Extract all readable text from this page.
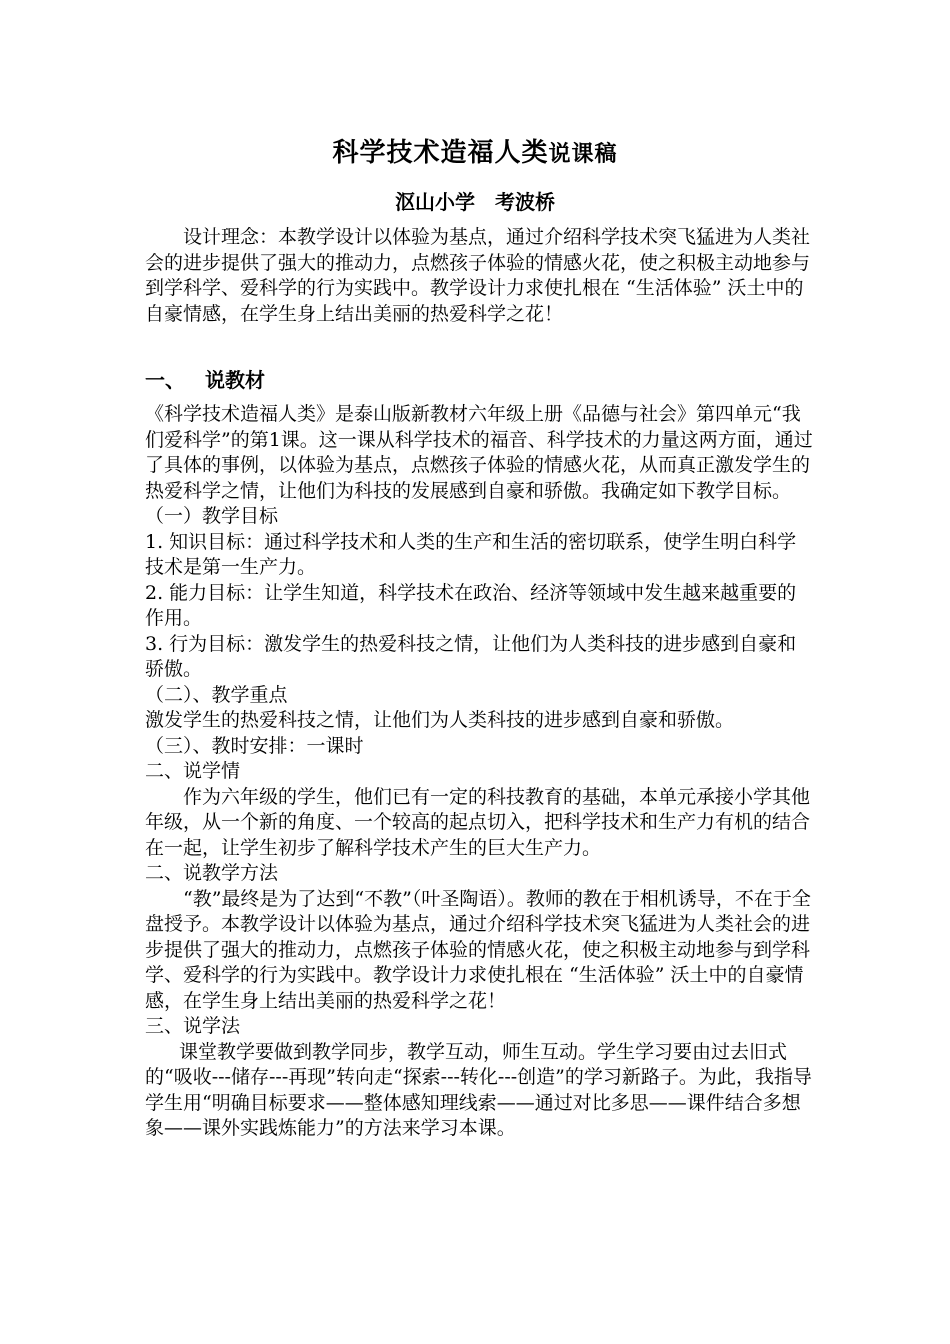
科学技术造福人类说课稿
沤山小学　考波桥
设计理念：本教学设计以体验为基点，通过介绍科学技术突飞猛进为人类社会的进步提供了强大的推动力，点燃孩子体验的情感火花，使之积极主动地参与到学科学、爱科学的行为实践中。教学设计力求使扎根在 “生活体验” 沃土中的自豪情感，在学生身上结出美丽的热爱科学之花！
一、 说教材

《科学技术造福人类》是泰山版新教材六年级上册《品德与社会》第四单元“我们爱科学”的第1课。这一课从科学技术的福音、科学技术的力量这两方面，通过了具体的事例，以体验为基点，点燃孩子体验的情感火花，从而真正激发学生的热爱科学之情，让他们为科技的发展感到自豪和骄傲。我确定如下教学目标。

（一）教学目标

1. 知识目标：通过科学技术和人类的生产和生活的密切联系，使学生明白科学技术是第一生产力。

2. 能力目标：让学生知道，科学技术在政治、经济等领域中发生越来越重要的作用。

3. 行为目标：激发学生的热爱科技之情，让他们为人类科技的进步感到自豪和骄傲。

（二）、教学重点

激发学生的热爱科技之情，让他们为人类科技的进步感到自豪和骄傲。

（三）、教时安排：一课时

二、说学情

作为六年级的学生，他们已有一定的科技教育的基础，本单元承接小学其他年级，从一个新的角度、一个较高的起点切入，把科学技术和生产力有机的结合在一起，让学生初步了解科学技术产生的巨大生产力。

二、说教学方法

“教”最终是为了达到“不教”（叶圣陶语）。教师的教在于相机诱导，不在于全盘授予。本教学设计以体验为基点，通过介绍科学技术突飞猛进为人类社会的进步提供了强大的推动力，点燃孩子体验的情感火花，使之积极主动地参与到学科学、爱科学的行为实践中。教学设计力求使扎根在 “生活体验” 沃土中的自豪情感，在学生身上结出美丽的热爱科学之花！

三、说学法

课堂教学要做到教学同步，教学互动，师生互动。学生学习要由过去旧式的“吸收---储存---再现”转向走“探索---转化---创造”的学习新路子。为此，我指导学生用“明确目标要求——整体感知理线索——通过对比多思——课件结合多想象——课外实践炼能力”的方法来学习本课。
